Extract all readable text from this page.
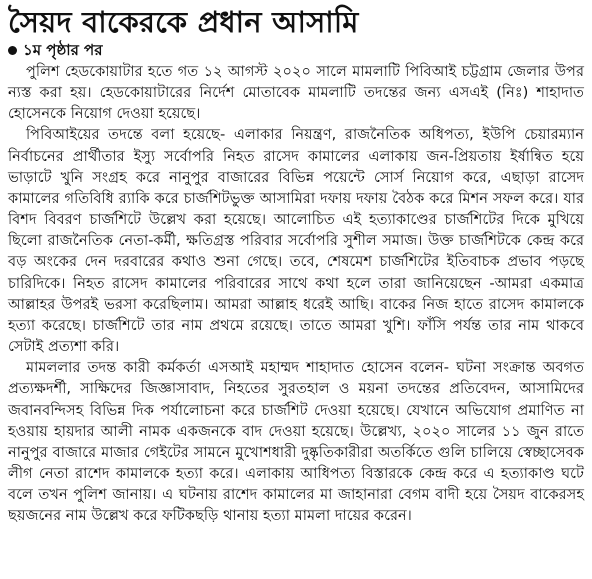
সৈয়দ বাকেরকে প্রধান আসামি
১ম পৃষ্ঠার পর

পুলিশ হেডকোয়াটার হতে গত ১২ আগস্ট ২০২০ সালে মামলাটি পিবিআই চট্টগ্রাম জেলার উপর ন্যস্ত করা হয়। হেডকোয়াটারের নির্দেশ মোতাবেক মামলাটি তদন্তের জন্য এসএই (নিঃ) শাহাদাত হোসেনকে নিয়োগ দেওয়া হয়েছে।

পিবিআইয়ের তদন্তে বলা হয়েছে- এলাকার নিয়ন্ত্রণ, রাজনৈতিক অধিপত্য, ইউপি চেয়ারম্যান নির্বাচনের প্রার্থীতার ইস্যু সর্বোপরি নিহত রাসেদ কামালের এলাকায় জন-প্রিয়তায় ইর্ষান্বিত হয়ে ভাড়াটে খুনি সংগ্রহ করে নানুপুর বাজারের বিভিন্ন পয়েন্টে সোর্স নিয়োগ করে, এছাড়া রাসেদ কামালের গতিবিধি র‍্যাকি করে চার্জশিটভুক্ত আসামিরা দফায় দফায় বৈঠক করে মিশন সফল করে। যার বিশদ বিবরণ চার্জশিটে উল্লেখ করা হয়েছে। আলোচিত এই হত্যাকাণ্ডের চার্জশিটের দিকে মুখিয়ে ছিলো রাজনৈতিক নেতা-কর্মী, ক্ষতিগ্রস্ত পরিবার সর্বোপরি সুশীল সমাজ। উক্ত চার্জশিটকে কেন্দ্র করে বড় অংকের দেন দরবারের কথাও শুনা গেছে। তবে, শেষমেশ চার্জশিটের ইতিবাচক প্রভাব পড়ছে চারিদিকে। নিহত রাসেদ কামালের পরিবারের সাথে কথা হলে তারা জানিয়েছেন -আমরা একমাত্র আল্লাহর উপরই ভরসা করেছিলাম। আমরা আল্লাহ ধরেই আছি। বাকের নিজ হাতে রাসেদ কামালকে হত্যা করেছে। চার্জশিটে তার নাম প্রথমে রয়েছে। তাতে আমরা খুশি। ফাঁসি পর্যন্ত তার নাম থাকবে সেটাই প্রত্যশা করি।

মামললার তদন্ত কারী কর্মকর্তা এসআই মহাম্মদ শাহাদাত হোসেন বলেন- ঘটনা সংক্রান্ত অবগত প্রত্যক্ষদর্শী, সাক্ষিদের জিজ্ঞাসাবাদ, নিহতের সুরতহাল ও ময়না তদন্তের প্রতিবেদন, আসামিদের জবানবন্দিসহ বিভিন্ন দিক পর্যালোচনা করে চার্জশিট দেওয়া হয়েছে। যেখানে অভিযোগ প্রমাণিত না হওয়ায় হায়দার আলী নামক একজনকে বাদ দেওয়া হয়েছে। উল্লেখ্য, ২০২০ সালের ১১ জুন রাতে নানুপুর বাজারে মাজার গেইটের সামনে মুখোশধারী দুষ্কৃতিকারীরা অতর্কিতে গুলি চালিয়ে স্বেচ্ছাসেবক লীগ নেতা রাশেদ কামালকে হত্যা করে। এলাকায় আধিপত্য বিস্তারকে কেন্দ্র করে এ হত্যাকাণ্ড ঘটে বলে তখন পুলিশ জানায়। এ ঘটনায় রাশেদ কামালের মা জাহানারা বেগম বাদী হয়ে সৈয়দ বাকেরসহ ছয়জনের নাম উল্লেখ করে ফটিকছড়ি থানায় হত্যা মামলা দায়ের করেন।
